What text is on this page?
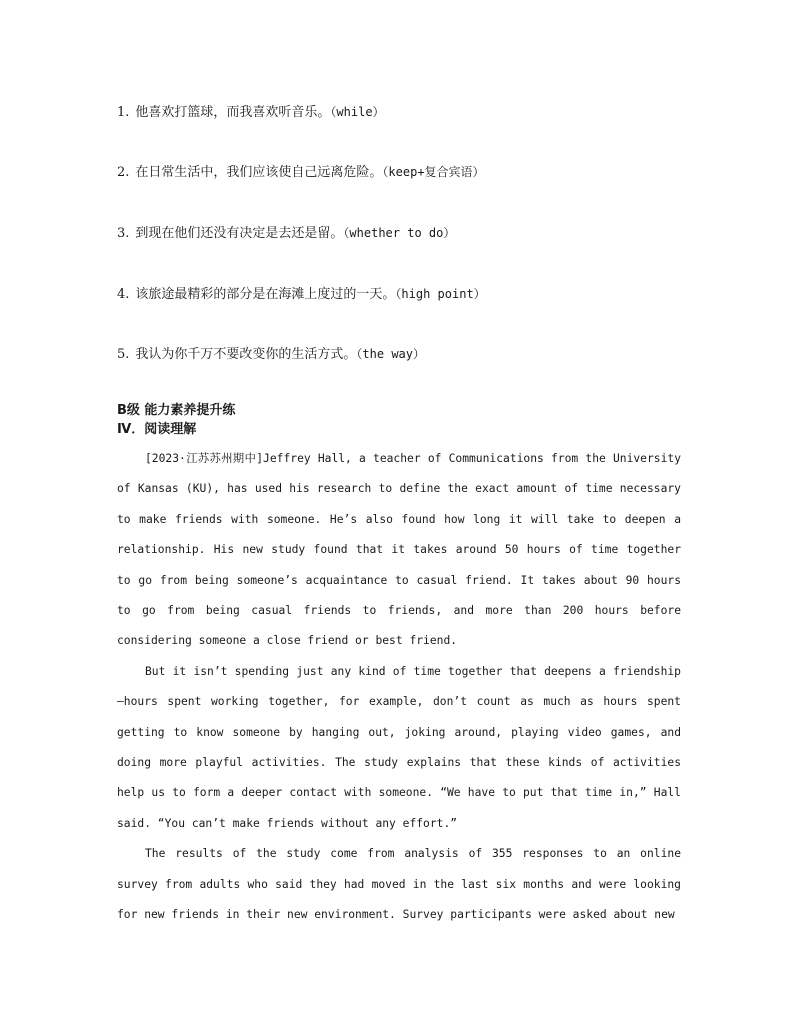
1. 他喜欢打篮球，而我喜欢听音乐。（while）
2. 在日常生活中，我们应该使自己远离危险。（keep+复合宾语）
3. 到现在他们还没有决定是去还是留。（whether to do）
4. 该旅途最精彩的部分是在海滩上度过的一天。（high point）
5. 我认为你千万不要改变你的生活方式。（the way）
B级 能力素养提升练
Ⅳ．阅读理解

[2023·江苏苏州期中]Jeffrey Hall, a teacher of Communications from the University of Kansas (KU), has used his research to define the exact amount of time necessary to make friends with someone. He’s also found how long it will take to deepen a relationship. His new study found that it takes around 50 hours of time together to go from being someone’s acquaintance to casual friend. It takes about 90 hours to go from being casual friends to friends, and more than 200 hours before considering someone a close friend or best friend.

But it isn’t spending just any kind of time together that deepens a friendship—hours spent working together, for example, don’t count as much as hours spent getting to know someone by hanging out, joking around, playing video games, and doing more playful activities. The study explains that these kinds of activities help us to form a deeper contact with someone. “We have to put that time in,” Hall said. “You can’t make friends without any effort.”

The results of the study come from analysis of 355 responses to an online survey from adults who said they had moved in the last six months and were looking for new friends in their new environment. Survey participants were asked about new
